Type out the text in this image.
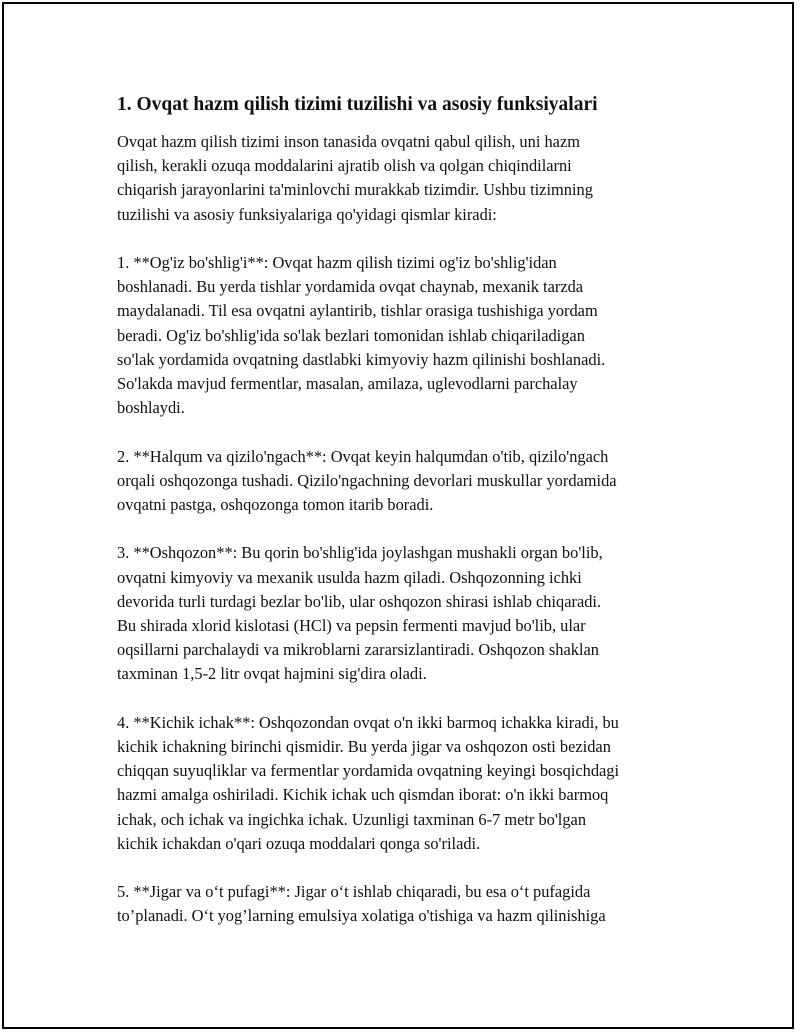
1. Ovqat hazm qilish tizimi tuzilishi va asosiy funksiyalari

Ovqat hazm qilish tizimi inson tanasida ovqatni qabul qilish, uni hazm
qilish, kerakli ozuqa moddalarini ajratib olish va qolgan chiqindilarni
chiqarish jarayonlarini ta'minlovchi murakkab tizimdir. Ushbu tizimning
tuzilishi va asosiy funksiyalariga qo'yidagi qismlar kiradi:

1. **Og'iz bo'shlig'i**: Ovqat hazm qilish tizimi og'iz bo'shlig'idan
boshlanadi. Bu yerda tishlar yordamida ovqat chaynab, mexanik tarzda
maydalanadi. Til esa ovqatni aylantirib, tishlar orasiga tushishiga yordam
beradi. Og'iz bo'shlig'ida so'lak bezlari tomonidan ishlab chiqariladigan
so'lak yordamida ovqatning dastlabki kimyoviy hazm qilinishi boshlanadi.
So'lakda mavjud fermentlar, masalan, amilaza, uglevodlarni parchalay
boshlaydi.

2. **Halqum va qizilo'ngach**: Ovqat keyin halqumdan o'tib, qizilo'ngach
orqali oshqozonga tushadi. Qizilo'ngachning devorlari muskullar yordamida
ovqatni pastga, oshqozonga tomon itarib boradi.

3. **Oshqozon**: Bu qorin bo'shlig'ida joylashgan mushakli organ bo'lib,
ovqatni kimyoviy va mexanik usulda hazm qiladi. Oshqozonning ichki
devorida turli turdagi bezlar bo'lib, ular oshqozon shirasi ishlab chiqaradi.
Bu shirada xlorid kislotasi (HCl) va pepsin fermenti mavjud bo'lib, ular
oqsillarni parchalaydi va mikroblarni zararsizlantiradi. Oshqozon shaklan
taxminan 1,5-2 litr ovqat hajmini sig'dira oladi.

4. **Kichik ichak**: Oshqozondan ovqat o'n ikki barmoq ichakka kiradi, bu
kichik ichakning birinchi qismidir. Bu yerda jigar va oshqozon osti bezidan
chiqqan suyuqliklar va fermentlar yordamida ovqatning keyingi bosqichdagi
hazmi amalga oshiriladi. Kichik ichak uch qismdan iborat: o'n ikki barmoq
ichak, och ichak va ingichka ichak. Uzunligi taxminan 6-7 metr bo'lgan
kichik ichakdan o'qari ozuqa moddalari qonga so'riladi.

5. **Jigar va o‘t pufagi**: Jigar o‘t ishlab chiqaradi, bu esa o‘t pufagida
to’planadi. O‘t yog’larning emulsiya xolatiga o'tishiga va hazm qilinishiga
